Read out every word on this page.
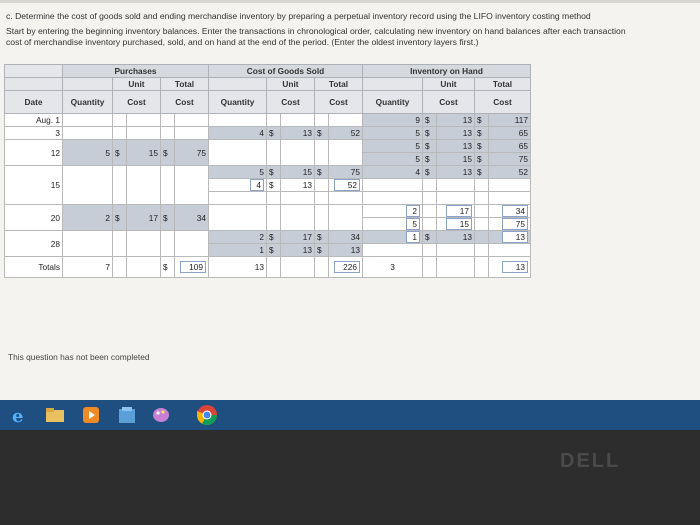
c. Determine the cost of goods sold and ending merchandise inventory by preparing a perpetual inventory record using the LIFO inventory costing method
Start by entering the beginning inventory balances. Enter the transactions in chronological order, calculating new inventory on hand balances after each transaction
cost of merchandise inventory purchased, sold, and on hand at the end of the period. (Enter the oldest inventory layers first.)
	Purchases					Cost of Goods Sold					Inventory on Hand				
		Unit		Total			Unit		Total			Unit		Total	
Date	Quantity	Cost		Cost		Quantity	Cost		Cost		Quantity	Cost		Cost	
Aug. 1											9	$	13	$	117
3						4	$	13	$	52	5	$	13	$	65
12	5	$	15	$	75						5	$	13	$	65
											5	$	15	$	75
15						5	$	15	$	75	4	$	13	$	52
						4	$	13		52					

20	2	$	17	$	34						2		17		34
											5		15		75
28						2	$	17	$	34	1	$	13		13
						1	$	13	$	13					
Totals	7			$	109	13				226	3				13
This question has not been completed
e
DELL
